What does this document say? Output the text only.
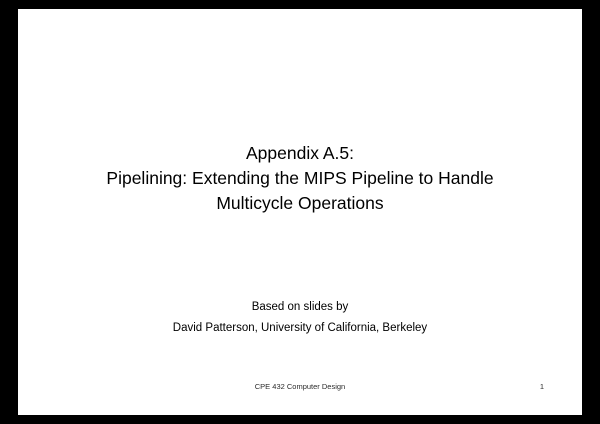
Appendix A.5:
Pipelining: Extending the MIPS Pipeline to Handle
Multicycle Operations
Based on slides by
David Patterson, University of California, Berkeley
CPE 432 Computer Design	1
